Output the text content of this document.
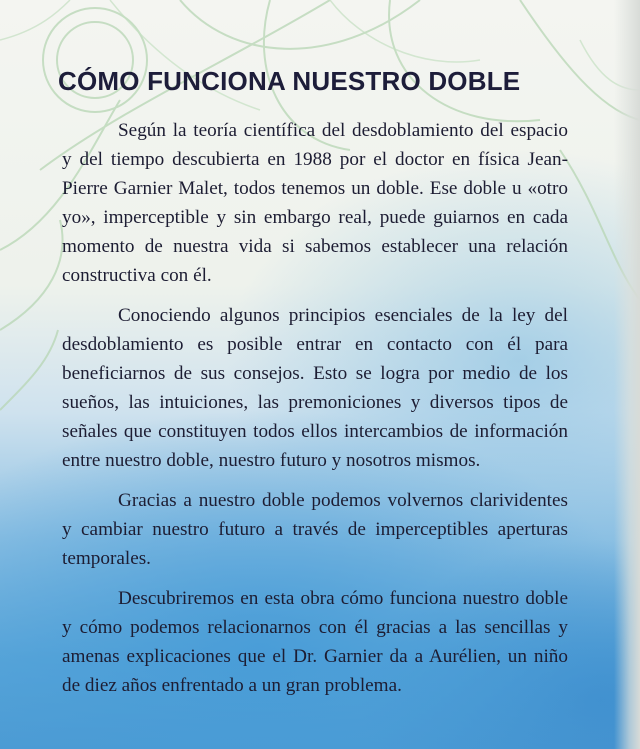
CÓMO FUNCIONA NUESTRO DOBLE

Según la teoría científica del desdoblamiento del espacio y del tiempo descubierta en 1988 por el doctor en física Jean-Pierre Garnier Malet, todos tenemos un doble. Ese doble u «otro yo», imperceptible y sin embargo real, puede guiarnos en cada momento de nuestra vida si sabemos establecer una relación constructiva con él.

Conociendo algunos principios esenciales de la ley del desdoblamiento es posible entrar en contacto con él para beneficiarnos de sus consejos. Esto se logra por medio de los sueños, las intuiciones, las premoniciones y diversos tipos de señales que constituyen todos ellos intercambios de información entre nuestro doble, nuestro futuro y nosotros mismos.

Gracias a nuestro doble podemos volvernos clarividentes y cambiar nuestro futuro a través de imperceptibles aperturas temporales.

Descubriremos en esta obra cómo funciona nuestro doble y cómo podemos relacionarnos con él gracias a las sencillas y amenas explicaciones que el Dr. Garnier da a Aurélien, un niño de diez años enfrentado a un gran problema.
